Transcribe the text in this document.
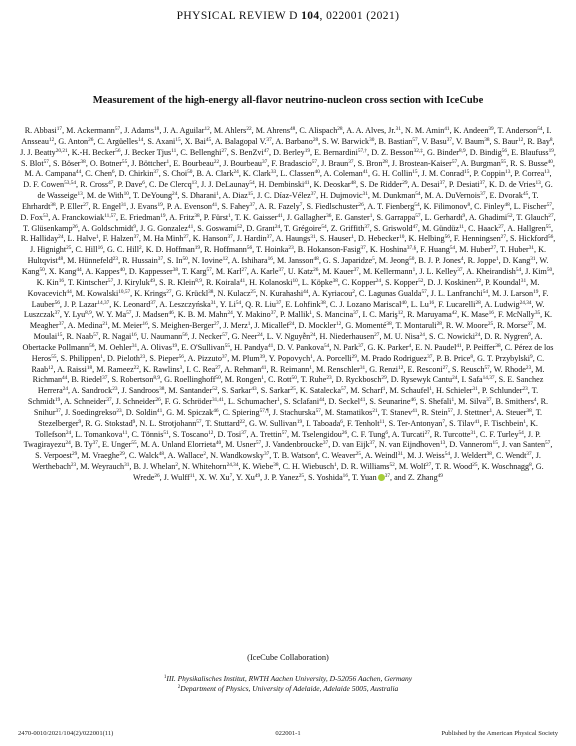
PHYSICAL REVIEW D 104, 022001 (2021)
Measurement of the high-energy all-flavor neutrino-nucleon cross section with IceCube
R. Abbasi$^{17}$, M. Ackermann$^{57}$, J. Adams$^{18}$, J. A. Aguilar$^{12}$, M. Ahlers$^{22}$, M. Ahrens$^{48}$, C. Alispach$^{28}$, A. A. Alves, Jr.$^{31}$, N. M. Amin$^{41}$, K. Andeen$^{39}$, T. Anderson$^{54}$, I. Ansseau$^{12}$, G. Anton$^{26}$, C. Argüelles$^{14}$, S. Axani$^{15}$, X. Bai$^{45}$, A. Balagopal V.$^{37}$, A. Barbano$^{28}$, S. W. Barwick$^{30}$, B. Bastian$^{57}$, V. Basu$^{37}$, V. Baum$^{38}$, S. Baur$^{12}$, R. Bay$^8$, J. J. Beatty$^{20,21}$, K.-H. Becker$^{56}$, J. Becker Tjus$^{11}$, C. Bellenghi$^{27}$, S. BenZvi$^{47}$, D. Berley$^{19}$, E. Bernardini$^{57,\dagger}$, D. Z. Besson$^{32,\ddagger}$, G. Binder$^{8,9}$, D. Bindig$^{56}$, E. Blaufuss$^{19}$, S. Blot$^{57}$, S. Böser$^{38}$, O. Botner$^{55}$, J. Böttcher$^1$, E. Bourbeau$^{22}$, J. Bourbeau$^{37}$, F. Bradascio$^{57}$, J. Braun$^{37}$, S. Bron$^{28}$, J. Brostean-Kaiser$^{57}$, A. Burgman$^{55}$, R. S. Busse$^{40}$, M. A. Campana$^{44}$, C. Chen$^6$, D. Chirkin$^{37}$, S. Choi$^{50}$, B. A. Clark$^{24}$, K. Clark$^{33}$, L. Classen$^{40}$, A. Coleman$^{41}$, G. H. Collin$^{15}$, J. M. Conrad$^{15}$, P. Coppin$^{13}$, P. Correa$^{13}$, D. F. Cowen$^{53,54}$, R. Cross$^{47}$, P. Dave$^6$, C. De Clercq$^{13}$, J. J. DeLaunay$^{54}$, H. Dembinski$^{41}$, K. Deoskar$^{48}$, S. De Ridder$^{29}$, A. Desai$^{37}$, P. Desiati$^{37}$, K. D. de Vries$^{13}$, G. de Wasseige$^{13}$, M. de With$^{10}$, T. DeYoung$^{24}$, S. Dharani$^1$, A. Diaz$^{15}$, J. C. Díaz-Vélez$^{37}$, H. Dujmovic$^{31}$, M. Dunkman$^{54}$, M. A. DuVernois$^{37}$, E. Dvorak$^{45}$, T. Ehrhardt$^{38}$, P. Eller$^{27}$, R. Engel$^{31}$, J. Evans$^{19}$, P. A. Evenson$^{41}$, S. Fahey$^{37}$, A. R. Fazely$^7$, S. Fiedlschuster$^{26}$, A. T. Fienberg$^{54}$, K. Filimonov$^8$, C. Finley$^{48}$, L. Fischer$^{57}$, D. Fox$^{53}$, A. Franckowiak$^{11,57}$, E. Friedman$^{19}$, A. Fritz$^{38}$, P. Fürst$^1$, T. K. Gaisser$^{41}$, J. Gallagher$^{36}$, E. Ganster$^1$, S. Garrappa$^{57}$, L. Gerhardt$^9$, A. Ghadimi$^{52}$, T. Glauch$^{27}$, T. Glüsenkamp$^{26}$, A. Goldschmidt$^9$, J. G. Gonzalez$^{41}$, S. Goswami$^{52}$, D. Grant$^{24}$, T. Grégoire$^{54}$, Z. Griffith$^{37}$, S. Griswold$^{47}$, M. Gündüz$^{11}$, C. Haack$^{27}$, A. Hallgren$^{55}$, R. Halliday$^{24}$, L. Halve$^1$, F. Halzen$^{37}$, M. Ha Minh$^{27}$, K. Hanson$^{37}$, J. Hardin$^{37}$, A. Haungs$^{31}$, S. Hauser$^1$, D. Hebecker$^{10}$, K. Helbing$^{56}$, F. Henningsen$^{27}$, S. Hickford$^{56}$, J. Hignight$^{25}$, C. Hill$^{16}$, G. C. Hill$^2$, K. D. Hoffman$^{19}$, R. Hoffmann$^{56}$, T. Hoinka$^{23}$, B. Hokanson-Fasig$^{37}$, K. Hoshina$^{37,\S}$, F. Huang$^{54}$, M. Huber$^{27}$, T. Huber$^{31}$, K. Hultqvist$^{48}$, M. Hünnefeld$^{23}$, R. Hussain$^{37}$, S. In$^{50}$, N. Iovine$^{12}$, A. Ishihara$^{16}$, M. Jansson$^{48}$, G. S. Japaridze$^5$, M. Jeong$^{50}$, B. J. P. Jones$^4$, R. Joppe$^1$, D. Kang$^{31}$, W. Kang$^{50}$, X. Kang$^{44}$, A. Kappes$^{40}$, D. Kappesser$^{38}$, T. Karg$^{57}$, M. Karl$^{27}$, A. Karle$^{37}$, U. Katz$^{26}$, M. Kauer$^{37}$, M. Kellermann$^1$, J. L. Kelley$^{37}$, A. Kheirandish$^{54}$, J. Kim$^{50}$, K. Kin$^{16}$, T. Kintscher$^{57}$, J. Kiryluk$^{49}$, S. R. Klein$^{8,9}$, R. Koirala$^{41}$, H. Kolanoski$^{10}$, L. Köpke$^{38}$, C. Kopper$^{24}$, S. Kopper$^{52}$, D. J. Koskinen$^{22}$, P. Koundal$^{31}$, M. Kovacevich$^{44}$, M. Kowalski$^{10,57}$, K. Krings$^{27}$, G. Krückl$^{38}$, N. Kulacz$^{25}$, N. Kurahashi$^{44}$, A. Kyriacou$^2$, C. Lagunas Gualda$^{57}$, J. L. Lanfranchi$^{54}$, M. J. Larson$^{19}$, F. Lauber$^{56}$, J. P. Lazar$^{14,37}$, K. Leonard$^{37}$, A. Leszczyńska$^{31}$, Y. Li$^{54}$, Q. R. Liu$^{37}$, E. Lohfink$^{38}$, C. J. Lozano Mariscal$^{40}$, L. Lu$^{16}$, F. Lucarelli$^{28}$, A. Ludwig$^{24,34}$, W. Luszczak$^{37}$, Y. Lyu$^{8,9}$, W. Y. Ma$^{57}$, J. Madsen$^{46}$, K. B. M. Mahn$^{24}$, Y. Makino$^{37}$, P. Mallik$^1$, S. Mancina$^{37}$, I. C. Mariş$^{12}$, R. Maruyama$^{42}$, K. Mase$^{16}$, F. McNally$^{35}$, K. Meagher$^{37}$, A. Medina$^{21}$, M. Meier$^{16}$, S. Meighen-Berger$^{27}$, J. Merz$^1$, J. Micallef$^{24}$, D. Mockler$^{12}$, G. Momenté$^{38}$, T. Montaruli$^{28}$, R. W. Moore$^{25}$, R. Morse$^{37}$, M. Moulai$^{15}$, R. Naab$^{57}$, R. Nagai$^{16}$, U. Naumann$^{56}$, J. Necker$^{57}$, G. Neer$^{24}$, L. V. Nguyễn$^{24}$, H. Niederhausen$^{27}$, M. U. Nisa$^{24}$, S. C. Nowicki$^{24}$, D. R. Nygren$^9$, A. Obertacke Pollmann$^{56}$, M. Oehler$^{31}$, A. Olivas$^{19}$, E. O'Sullivan$^{55}$, H. Pandya$^{41}$, D. V. Pankova$^{54}$, N. Park$^{37}$, G. K. Parker$^4$, E. N. Paudel$^{41}$, P. Peiffer$^{38}$, C. Pérez de los Heros$^{55}$, S. Philippen$^1$, D. Pieloth$^{23}$, S. Pieper$^{56}$, A. Pizzuto$^{37}$, M. Plum$^{39}$, Y. Popovych$^1$, A. Porcelli$^{29}$, M. Prado Rodriguez$^{37}$, P. B. Price$^8$, G. T. Przybylski$^9$, C. Raab$^{12}$, A. Raissi$^{18}$, M. Rameez$^{22}$, K. Rawlins$^3$, I. C. Rea$^{27}$, A. Rehman$^{41}$, R. Reimann$^1$, M. Renschler$^{31}$, G. Renzi$^{12}$, E. Resconi$^{27}$, S. Reusch$^{57}$, W. Rhode$^{23}$, M. Richman$^{44}$, B. Riedel$^{37}$, S. Robertson$^{8,9}$, G. Roellinghoff$^{50}$, M. Rongen$^1$, C. Rott$^{50}$, T. Ruhe$^{23}$, D. Ryckbosch$^{29}$, D. Rysewyk Cantu$^{24}$, I. Safa$^{14,37}$, S. E. Sanchez Herrera$^{24}$, A. Sandrock$^{23}$, J. Sandroos$^{38}$, M. Santander$^{52}$, S. Sarkar$^{43}$, S. Sarkar$^{25}$, K. Satalecka$^{57}$, M. Scharf$^1$, M. Schaufel$^1$, H. Schieler$^{31}$, P. Schlunder$^{23}$, T. Schmidt$^{19}$, A. Schneider$^{37}$, J. Schneider$^{26}$, F. G. Schröder$^{31,41}$, L. Schumacher$^1$, S. Sclafani$^{44}$, D. Seckel$^{41}$, S. Seunarine$^{46}$, S. Shefali$^1$, M. Silva$^{37}$, B. Smithers$^4$, R. Snihur$^{37}$, J. Soedingrekso$^{23}$, D. Soldin$^{41}$, G. M. Spiczak$^{46}$, C. Spiering$^{57,\P}$, J. Stachurska$^{57}$, M. Stamatikos$^{21}$, T. Stanev$^{41}$, R. Stein$^{57}$, J. Stettner$^1$, A. Steuer$^{38}$, T. Stezelberger$^9$, R. G. Stokstad$^9$, N. L. Strotjohann$^{57}$, T. Stuttard$^{22}$, G. W. Sullivan$^{19}$, I. Taboada$^6$, F. Tenholt$^{11}$, S. Ter-Antonyan$^7$, S. Tilav$^{41}$, F. Tischbein$^1$, K. Tollefson$^{24}$, L. Tomankova$^{11}$, C. Tönnis$^{51}$, S. Toscano$^{12}$, D. Tosi$^{37}$, A. Trettin$^{57}$, M. Tselengidou$^{26}$, C. F. Tung$^6$, A. Turcati$^{27}$, R. Turcotte$^{31}$, C. F. Turley$^{54}$, J. P. Twagirayezu$^{24}$, B. Ty$^{37}$, E. Unger$^{55}$, M. A. Unland Elorrieta$^{40}$, M. Usner$^{57}$, J. Vandenbroucke$^{37}$, D. van Eijk$^{37}$, N. van Eijndhoven$^{13}$, D. Vannerom$^{15}$, J. van Santen$^{57}$, S. Verpoest$^{29}$, M. Vraeghe$^{29}$, C. Walck$^{48}$, A. Wallace$^2$, N. Wandkowsky$^{37}$, T. B. Watson$^4$, C. Weaver$^{25}$, A. Weindl$^{31}$, M. J. Weiss$^{54}$, J. Weldert$^{38}$, C. Wendt$^{37}$, J. Werthebach$^{23}$, M. Weyrauch$^{31}$, B. J. Whelan$^2$, N. Whitehorn$^{24,34}$, K. Wiebe$^{38}$, C. H. Wiebusch$^1$, D. R. Williams$^{52}$, M. Wolf$^{27}$, T. R. Wood$^{25}$, K. Woschnagg$^8$, G. Wrede$^{26}$, J. Wulff$^{11}$, X. W. Xu$^7$, Y. Xu$^{49}$, J. P. Yanez$^{25}$, S. Yoshida$^{16}$, T. Yuan $^{37}$, and Z. Zhang$^{49}$
(IceCube Collaboration)
$^1$III. Physikalisches Institut, RWTH Aachen University, D-52056 Aachen, Germany
$^2$Department of Physics, University of Adelaide, Adelaide 5005, Australia
2470-0010/2021/104(2)/022001(11)	022001-1	Published by the American Physical Society
